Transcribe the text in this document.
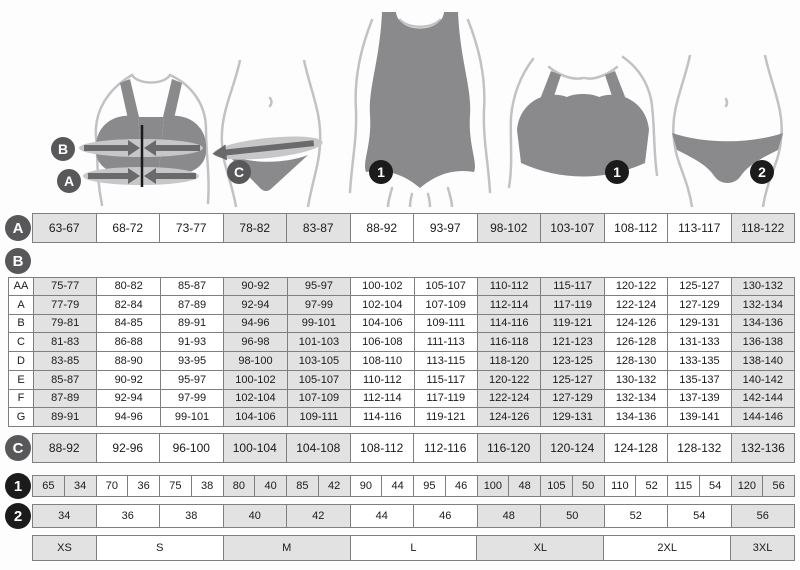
B
A
C	1	1	2
A	63-67	68-72	73-77	78-82	83-87	88-92	93-97	98-102	103-107	108-112	113-117	118-122
B
AA	75-77	80-82	85-87	90-92	95-97	100-102	105-107	110-112	115-117	120-122	125-127	130-132
A	77-79	82-84	87-89	92-94	97-99	102-104	107-109	112-114	117-119	122-124	127-129	132-134
B	79-81	84-85	89-91	94-96	99-101	104-106	109-111	114-116	119-121	124-126	129-131	134-136
C	81-83	86-88	91-93	96-98	101-103	106-108	111-113	116-118	121-123	126-128	131-133	136-138
D	83-85	88-90	93-95	98-100	103-105	108-110	113-115	118-120	123-125	128-130	133-135	138-140
E	85-87	90-92	95-97	100-102	105-107	110-112	115-117	120-122	125-127	130-132	135-137	140-142
F	87-89	92-94	97-99	102-104	107-109	112-114	117-119	122-124	127-129	132-134	137-139	142-144
G	89-91	94-96	99-101	104-106	109-111	114-116	119-121	124-126	129-131	134-136	139-141	144-146
C	88-92	92-96	96-100	100-104	104-108	108-112	112-116	116-120	120-124	124-128	128-132	132-136
1	65	34	70	36	75	38	80	40	85	42	90	44	95	46	100	48	105	50	110	52	115	54	120	56
2	34	36	38	40	42	44	46	48	50	52	54	56
XS	S	M	L	XL	2XL	3XL
